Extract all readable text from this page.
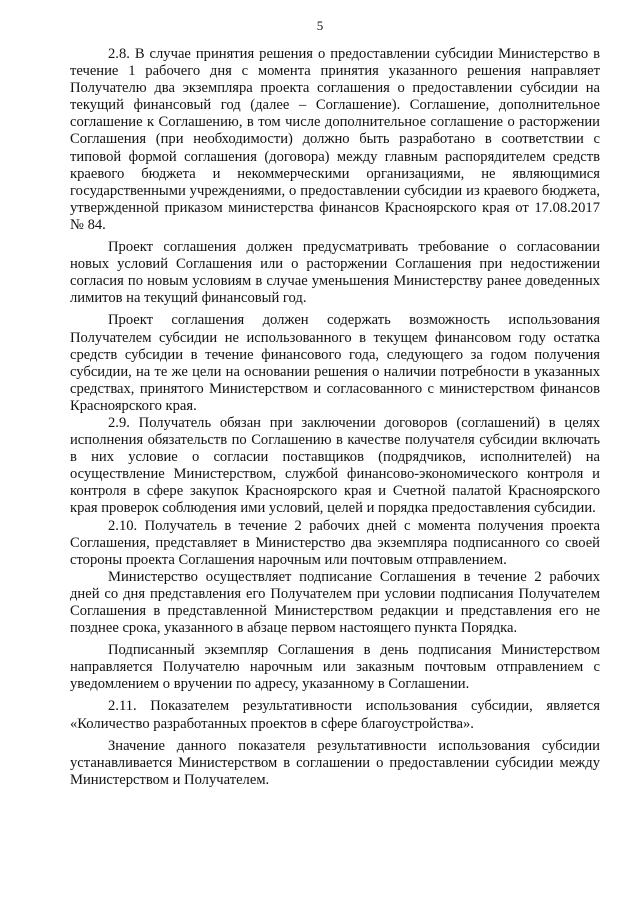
5

2.8. В случае принятия решения о предоставлении субсидии Министерство в течение 1 рабочего дня с момента принятия указанного решения направляет Получателю два экземпляра проекта соглашения о предоставлении субсидии на текущий финансовый год (далее – Соглашение). Соглашение, дополнительное соглашение к Соглашению, в том числе дополнительное соглашение о расторжении Соглашения (при необходимости) должно быть разработано в соответствии с типовой формой соглашения (договора) между главным распорядителем средств краевого бюджета и некоммерческими организациями, не являющимися государственными учреждениями, о предоставлении субсидии из краевого бюджета, утвержденной приказом министерства финансов Красноярского края от 17.08.2017 № 84.

Проект соглашения должен предусматривать требование о согласовании новых условий Соглашения или о расторжении Соглашения при недостижении согласия по новым условиям в случае уменьшения Министерству ранее доведенных лимитов на текущий финансовый год.

Проект соглашения должен содержать возможность использования Получателем субсидии не использованного в текущем финансовом году остатка средств субсидии в течение финансового года, следующего за годом получения субсидии, на те же цели на основании решения о наличии потребности в указанных средствах, принятого Министерством и согласованного с министерством финансов Красноярского края.

2.9. Получатель обязан при заключении договоров (соглашений) в целях исполнения обязательств по Соглашению в качестве получателя субсидии включать в них условие о согласии поставщиков (подрядчиков, исполнителей) на осуществление Министерством, службой финансово-экономического контроля и контроля в сфере закупок Красноярского края и Счетной палатой Красноярского края проверок соблюдения ими условий, целей и порядка предоставления субсидии.

2.10. Получатель в течение 2 рабочих дней с момента получения проекта Соглашения, представляет в Министерство два экземпляра подписанного со своей стороны проекта Соглашения нарочным или почтовым отправлением.

Министерство осуществляет подписание Соглашения в течение 2 рабочих дней со дня представления его Получателем при условии подписания Получателем Соглашения в представленной Министерством редакции и представления его не позднее срока, указанного в абзаце первом настоящего пункта Порядка.

Подписанный экземпляр Соглашения в день подписания Министерством направляется Получателю нарочным или заказным почтовым отправлением с уведомлением о вручении по адресу, указанному в Соглашении.

2.11. Показателем результативности использования субсидии, является «Количество разработанных проектов в сфере благоустройства».

Значение данного показателя результативности использования субсидии устанавливается Министерством в соглашении о предоставлении субсидии между Министерством и Получателем.
